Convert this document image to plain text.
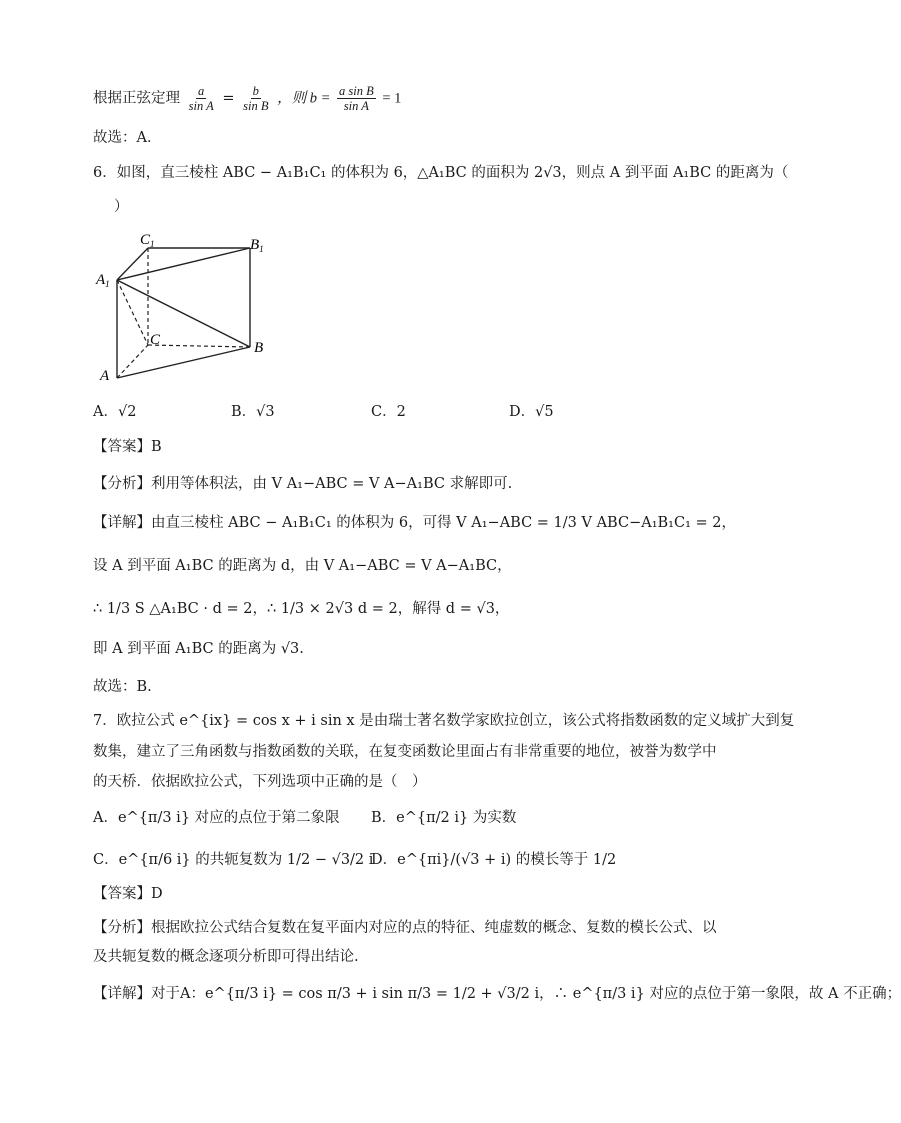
根据正弦定理 $\frac{a}{\text{sin A}} = \frac{b}{\text{sin B}}$ ，则 $b = \frac{\text{a sin B}}{\text{sin A}} = 1$
故选：A．
6．如图，直三棱柱 ABC − A₁B₁C₁ 的体积为 6，△A₁BC 的面积为 2√3，则点 A 到平面 A₁BC 的距离为（
）
$C_1$	$B_1$
$A_1$
C	B
A
A．√2	B．√3	C．2	D．√5
【答案】B
【分析】利用等体积法，由 V A₁−ABC = V A−A₁BC 求解即可.
【详解】由直三棱柱 ABC − A₁B₁C₁ 的体积为 6，可得 V A₁−ABC = 1/3 V ABC−A₁B₁C₁ = 2，
设 A 到平面 A₁BC 的距离为 d，由 V A₁−ABC = V A−A₁BC，
∴ 1/3 S △A₁BC · d = 2，∴ 1/3 × 2√3 d = 2，解得 d = √3，
即 A 到平面 A₁BC 的距离为 √3.
故选：B.
7．欧拉公式 e^{ix} = cos x + i sin x 是由瑞士著名数学家欧拉创立，该公式将指数函数的定义域扩大到复
数集，建立了三角函数与指数函数的关联，在复变函数论里面占有非常重要的地位，被誉为数学中
的天桥．依据欧拉公式，下列选项中正确的是（　）
A．e^{π/3 i} 对应的点位于第二象限 B．e^{π/2 i} 为实数
C．e^{π/6 i} 的共轭复数为 1/2 − √3/2 i
D．e^{πi}/(√3 + i) 的模长等于 1/2
【答案】D
【分析】根据欧拉公式结合复数在复平面内对应的点的特征、纯虚数的概念、复数的模长公式、以
及共轭复数的概念逐项分析即可得出结论.
【详解】对于A：e^{π/3 i} = cos π/3 + i sin π/3 = 1/2 + √3/2 i，∴ e^{π/3 i} 对应的点位于第一象限，故 A 不正确；
